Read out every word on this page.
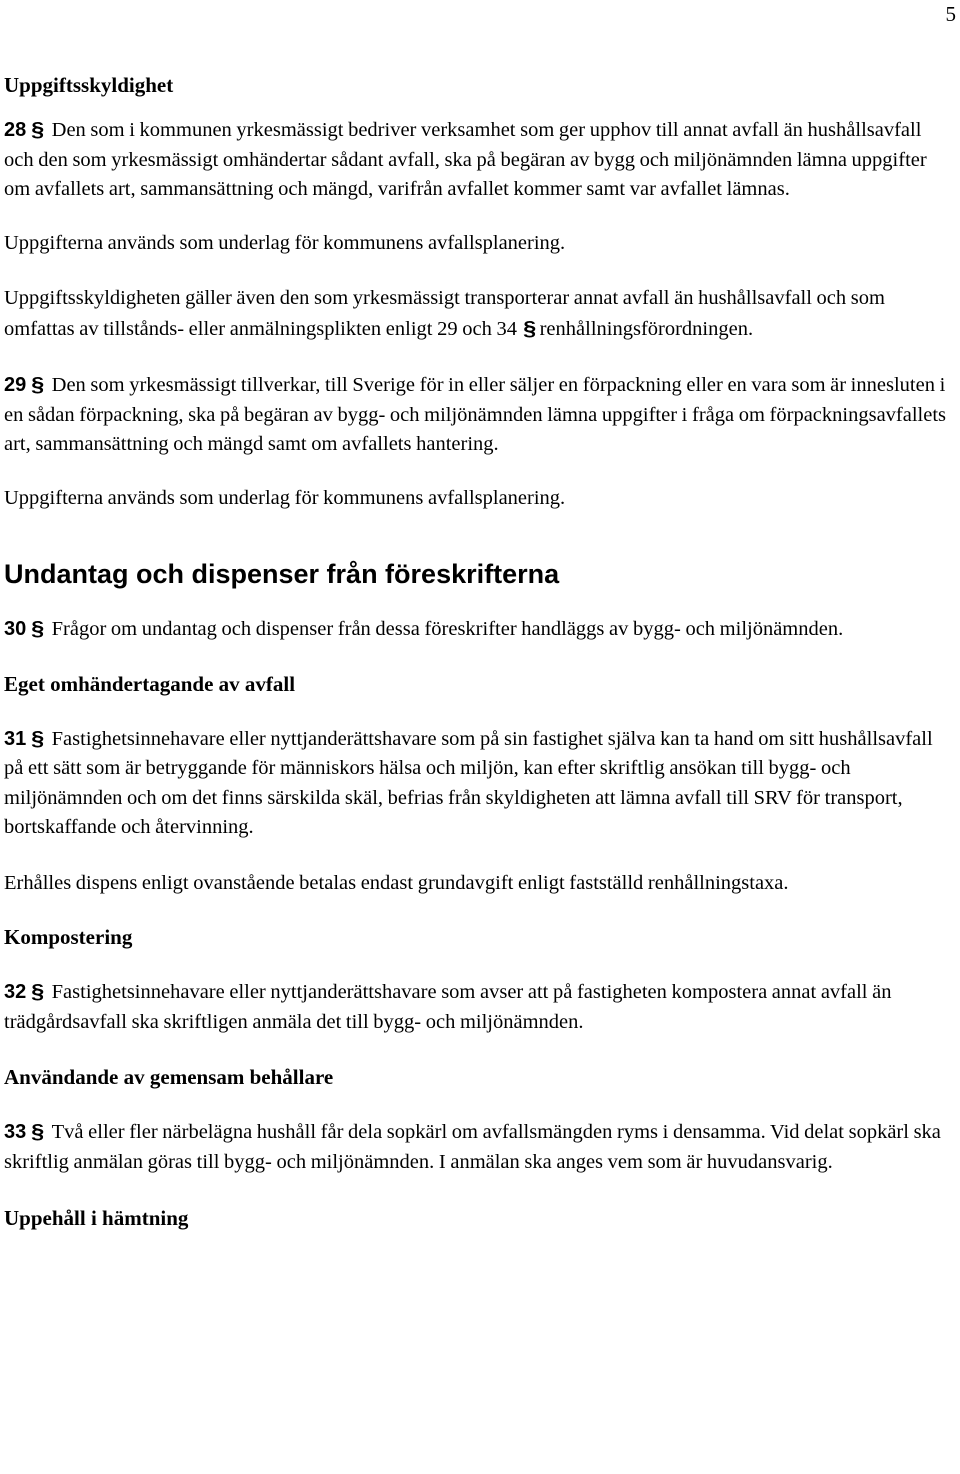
5
Uppgiftsskyldighet

28 § Den som i kommunen yrkesmässigt bedriver verksamhet som ger upphov till annat avfall än hushållsavfall och den som yrkesmässigt omhändertar sådant avfall, ska på begäran av bygg och miljönämnden lämna uppgifter om avfallets art, sammansättning och mängd, varifrån avfallet kommer samt var avfallet lämnas.

Uppgifterna används som underlag för kommunens avfallsplanering.

Uppgiftsskyldigheten gäller även den som yrkesmässigt transporterar annat avfall än hushållsavfall och som omfattas av tillstånds- eller anmälningsplikten enligt 29 och 34 § renhållningsförordningen.

29 § Den som yrkesmässigt tillverkar, till Sverige för in eller säljer en förpackning eller en vara som är innesluten i en sådan förpackning, ska på begäran av bygg- och miljönämnden lämna uppgifter i fråga om förpackningsavfallets art, sammansättning och mängd samt om avfallets hantering.

Uppgifterna används som underlag för kommunens avfallsplanering.

Undantag och dispenser från föreskrifterna

30 § Frågor om undantag och dispenser från dessa föreskrifter handläggs av bygg- och miljönämnden.

Eget omhändertagande av avfall

31 § Fastighetsinnehavare eller nyttjanderättshavare som på sin fastighet själva kan ta hand om sitt hushållsavfall på ett sätt som är betryggande för människors hälsa och miljön, kan efter skriftlig ansökan till bygg- och miljönämnden och om det finns särskilda skäl, befrias från skyldigheten att lämna avfall till SRV för transport, bortskaffande och återvinning.

Erhålles dispens enligt ovanstående betalas endast grundavgift enligt fastställd renhållningstaxa.

Kompostering

32 § Fastighetsinnehavare eller nyttjanderättshavare som avser att på fastigheten kompostera annat avfall än trädgårdsavfall ska skriftligen anmäla det till bygg- och miljönämnden.

Användande av gemensam behållare

33 § Två eller fler närbelägna hushåll får dela sopkärl om avfallsmängden ryms i densamma. Vid delat sopkärl ska skriftlig anmälan göras till bygg- och miljönämnden. I anmälan ska anges vem som är huvudansvarig.

Uppehåll i hämtning
